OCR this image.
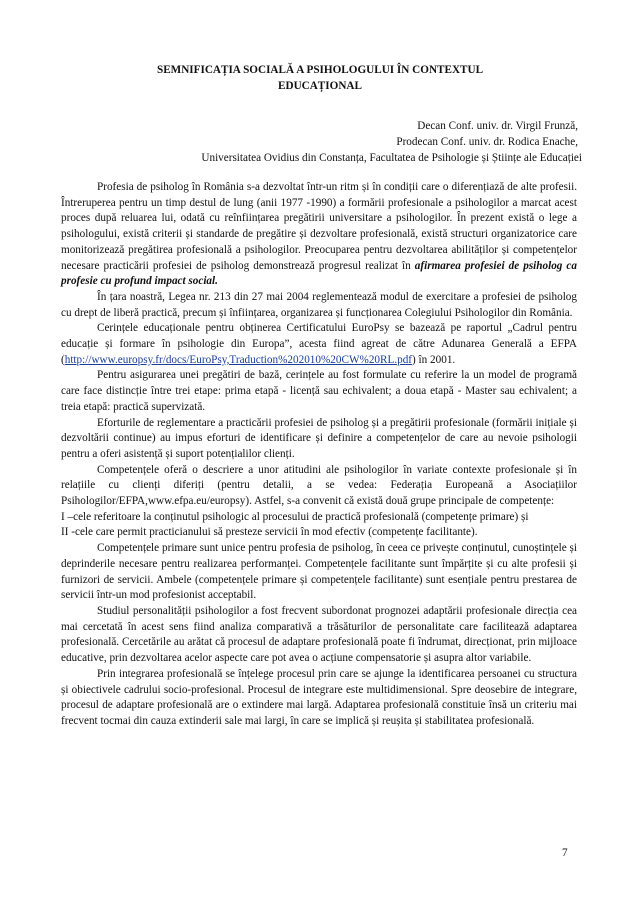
SEMNIFICAȚIA SOCIALĂ A PSIHOLOGULUI ÎN CONTEXTUL
EDUCAȚIONAL
Decan Conf. univ. dr. Virgil Frunză,
Prodecan Conf. univ. dr. Rodica Enache,
Universitatea Ovidius din Constanța, Facultatea de Psihologie și Științe ale Educației

Profesia de psiholog în România s-a dezvoltat într-un ritm și în condiții care o diferențiază de alte profesii. Întreruperea pentru un timp destul de lung (anii 1977 -1990) a formării profesionale a psihologilor a marcat acest proces după reluarea lui, odată cu reînființarea pregătirii universitare a psihologilor. În prezent există o lege a psihologului, există criterii și standarde de pregătire și dezvoltare profesională, există structuri organizatorice care monitorizează pregătirea profesională a psihologilor. Preocuparea pentru dezvoltarea abilităților și competențelor necesare practicării profesiei de psiholog demonstrează progresul realizat în afirmarea profesiei de psiholog ca profesie cu profund impact social.

În țara noastră, Legea nr. 213 din 27 mai 2004 reglementează modul de exercitare a profesiei de psiholog cu drept de liberă practică, precum și înființarea, organizarea și funcționarea Colegiului Psihologilor din România.

Cerințele educaționale pentru obținerea Certificatului EuroPsy se bazează pe raportul „Cadrul pentru educație și formare în psihologie din Europa”, acesta fiind agreat de către Adunarea Generală a EFPA (http://www.europsy.fr/docs/EuroPsy,Traduction%202010%20CW%20RL.pdf) în 2001.

Pentru asigurarea unei pregătiri de bază, cerințele au fost formulate cu referire la un model de programă care face distincție între trei etape: prima etapă - licență sau echivalent; a doua etapă - Master sau echivalent; a treia etapă: practică supervizată.

Eforturile de reglementare a practicării profesiei de psiholog și a pregătirii profesionale (formării inițiale și dezvoltării continue) au impus eforturi de identificare și definire a competențelor de care au nevoie psihologii pentru a oferi asistență și suport potențialilor clienți.

Competențele oferă o descriere a unor atitudini ale psihologilor în variate contexte profesionale și în relațiile cu clienți diferiți (pentru detalii, a se vedea: Federația Europeană a Asociațiilor Psihologilor/EFPA,www.efpa.eu/europsy). Astfel, s-a convenit că există două grupe principale de competențe:

I –cele referitoare la conținutul psihologic al procesului de practică profesională (competențe primare) și

II -cele care permit practicianului să presteze servicii în mod efectiv (competențe facilitante).

Competențele primare sunt unice pentru profesia de psiholog, în ceea ce privește conținutul, cunoștințele și deprinderile necesare pentru realizarea performanței. Competențele facilitante sunt împărțite și cu alte profesii și furnizori de servicii. Ambele (competențele primare și competențele facilitante) sunt esențiale pentru prestarea de servicii într-un mod profesionist acceptabil.

Studiul personalității psihologilor a fost frecvent subordonat prognozei adaptării profesionale direcția cea mai cercetată în acest sens fiind analiza comparativă a trăsăturilor de personalitate care facilitează adaptarea profesională. Cercetările au arătat că procesul de adaptare profesională poate fi îndrumat, direcționat, prin mijloace educative, prin dezvoltarea acelor aspecte care pot avea o acțiune compensatorie și asupra altor variabile.

Prin integrarea profesională se înțelege procesul prin care se ajunge la identificarea persoanei cu structura și obiectivele cadrului socio-profesional. Procesul de integrare este multidimensional. Spre deosebire de integrare, procesul de adaptare profesională are o extindere mai largă. Adaptarea profesională constituie însă un criteriu mai frecvent tocmai din cauza extinderii sale mai largi, în care se implică și reușita și stabilitatea profesională.

7
